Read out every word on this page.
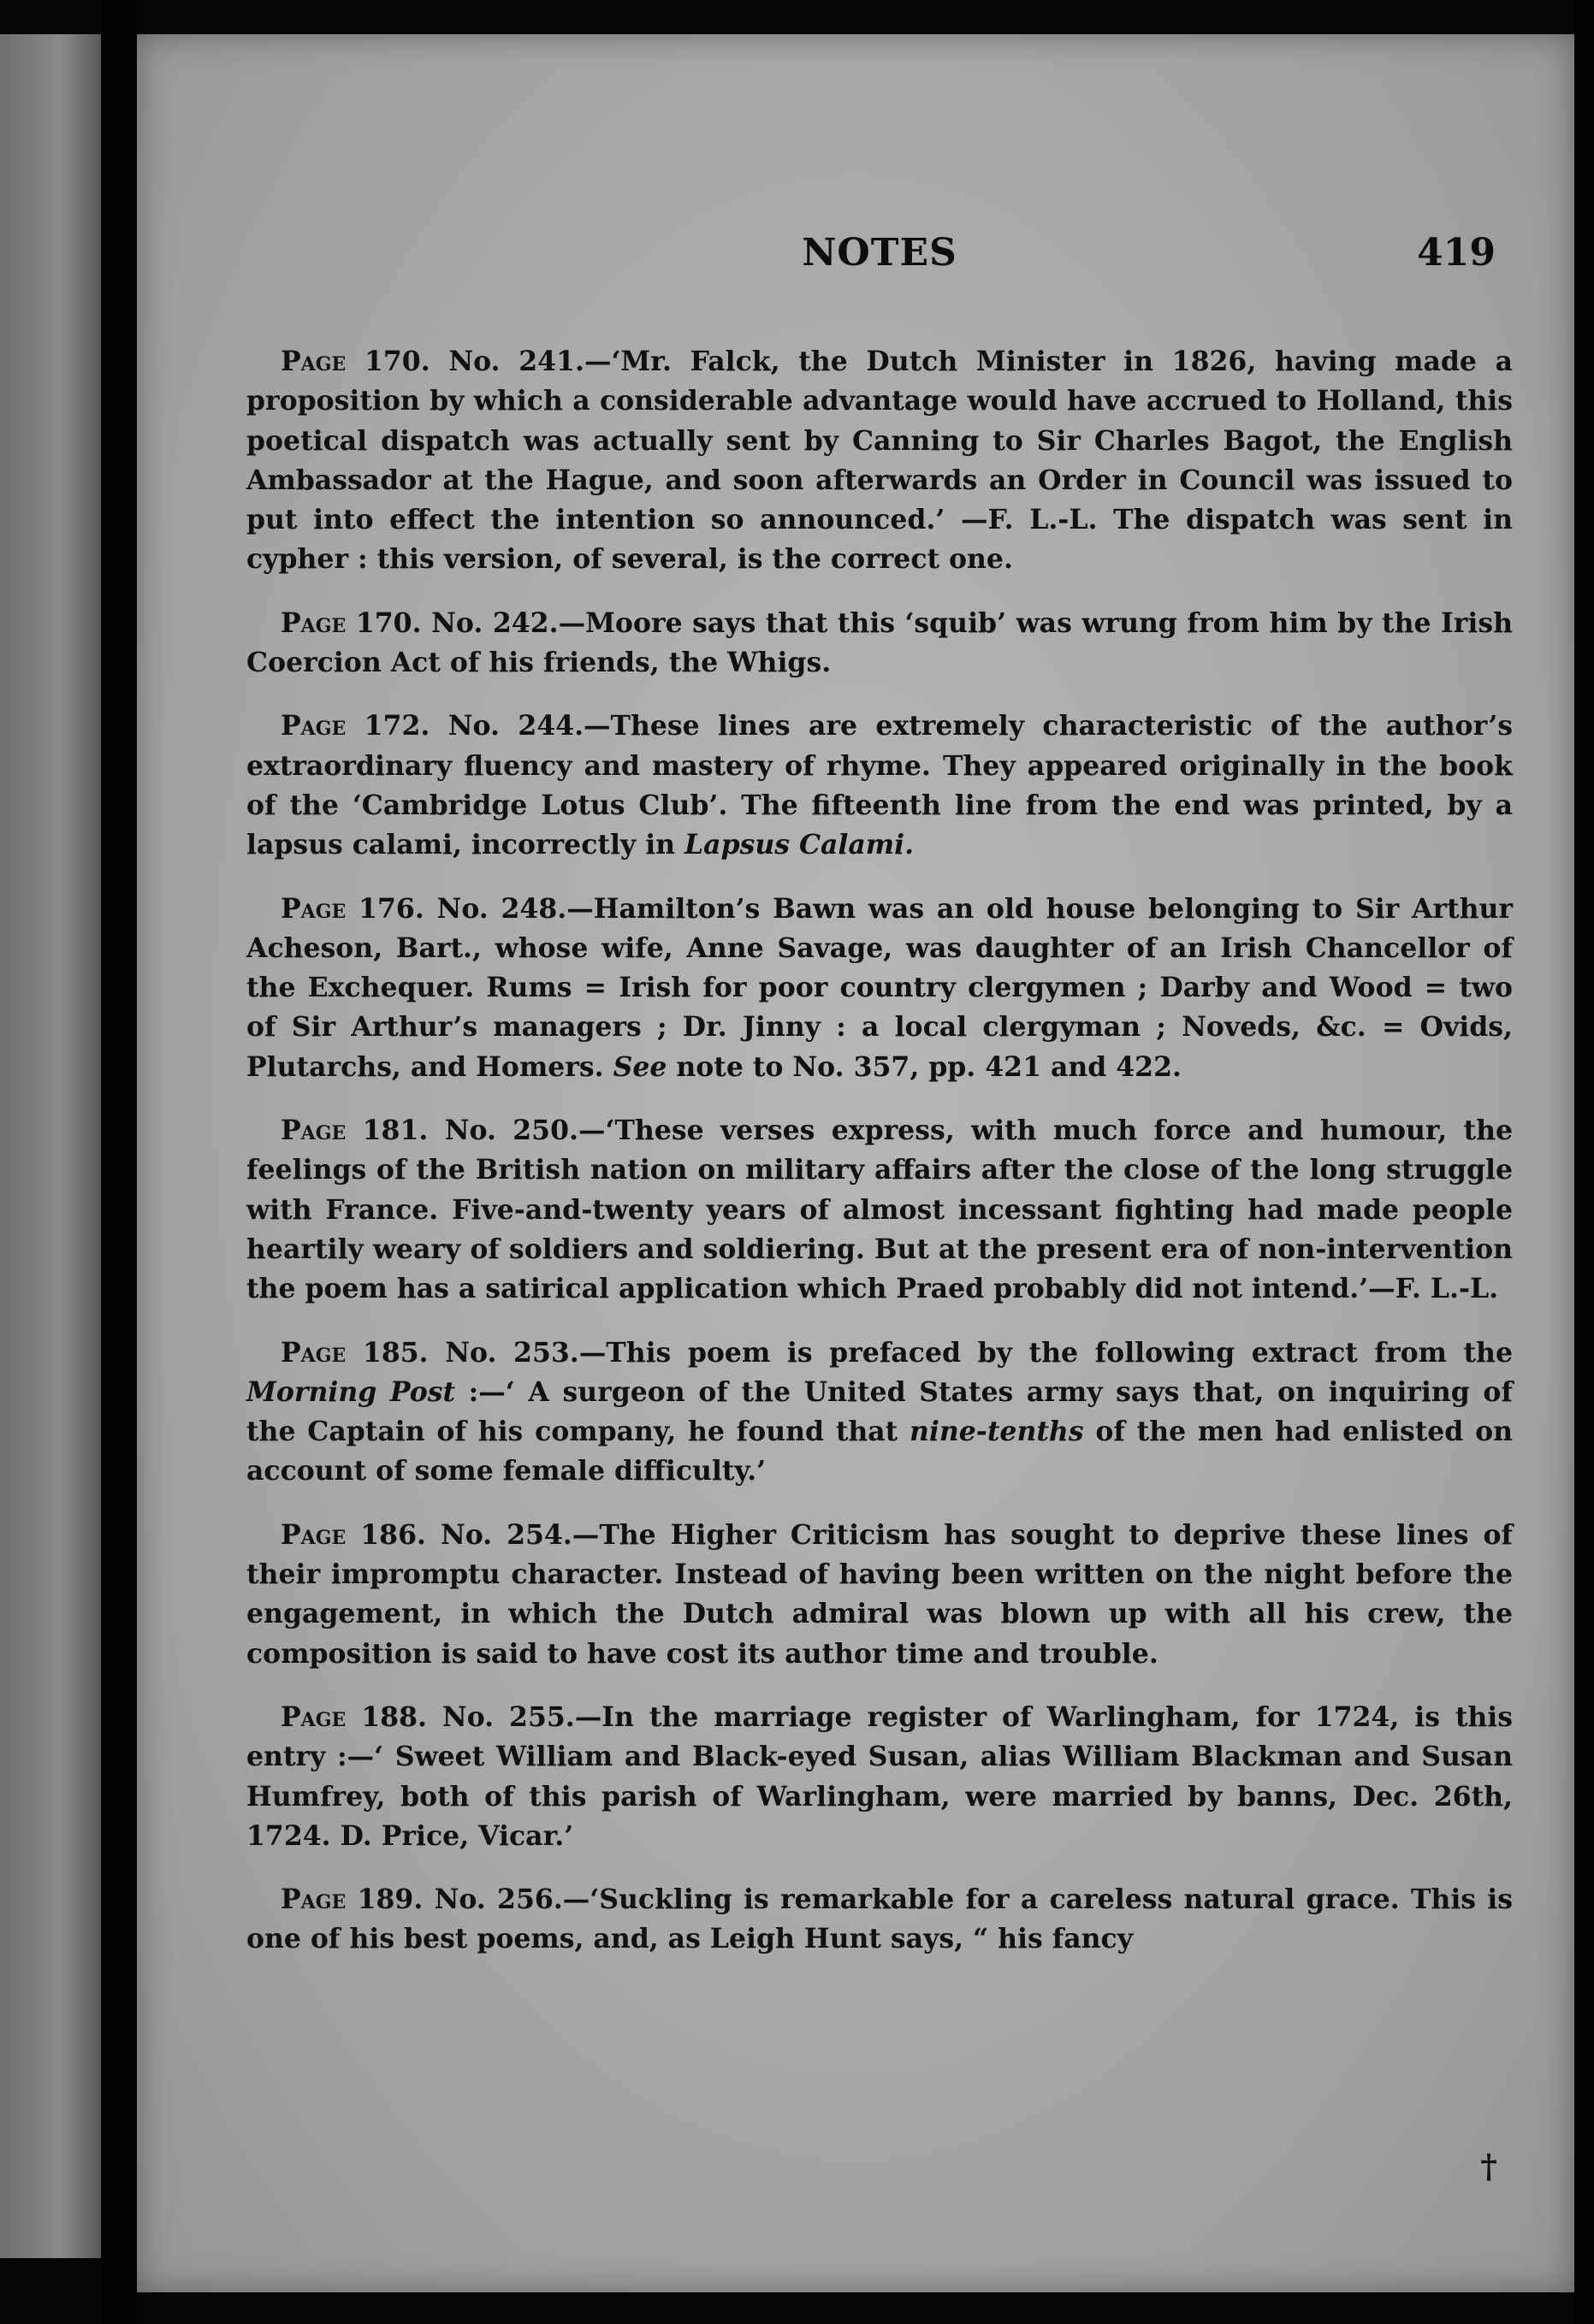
NOTES	419

Page 170. No. 241.—‘Mr. Falck, the Dutch Minister in 1826, having made a proposition by which a considerable advantage would have accrued to Holland, this poetical dispatch was actually sent by Canning to Sir Charles Bagot, the English Ambassador at the Hague, and soon afterwards an Order in Council was issued to put into effect the intention so announced.’ —F. L.-L. The dispatch was sent in cypher : this version, of several, is the correct one.

Page 170. No. 242.—Moore says that this ‘squib’ was wrung from him by the Irish Coercion Act of his friends, the Whigs.

Page 172. No. 244.—These lines are extremely characteristic of the author’s extraordinary fluency and mastery of rhyme. They appeared originally in the book of the ‘Cambridge Lotus Club’. The fifteenth line from the end was printed, by a lapsus calami, incorrectly in Lapsus Calami.

Page 176. No. 248.—Hamilton’s Bawn was an old house belonging to Sir Arthur Acheson, Bart., whose wife, Anne Savage, was daughter of an Irish Chancellor of the Exchequer. Rums = Irish for poor country clergymen ; Darby and Wood = two of Sir Arthur’s managers ; Dr. Jinny : a local clergyman ; Noveds, &c. = Ovids, Plutarchs, and Homers. See note to No. 357, pp. 421 and 422.

Page 181. No. 250.—‘These verses express, with much force and humour, the feelings of the British nation on military affairs after the close of the long struggle with France. Five-and-twenty years of almost incessant fighting had made people heartily weary of soldiers and soldiering. But at the present era of non-intervention the poem has a satirical application which Praed probably did not intend.’—F. L.-L.

Page 185. No. 253.—This poem is prefaced by the following extract from the Morning Post :—‘ A surgeon of the United States army says that, on inquiring of the Captain of his company, he found that nine-tenths of the men had enlisted on account of some female difficulty.’

Page 186. No. 254.—The Higher Criticism has sought to deprive these lines of their impromptu character. Instead of having been written on the night before the engagement, in which the Dutch admiral was blown up with all his crew, the composition is said to have cost its author time and trouble.

Page 188. No. 255.—In the marriage register of Warlingham, for 1724, is this entry :—‘ Sweet William and Black-eyed Susan, alias William Blackman and Susan Humfrey, both of this parish of Warlingham, were married by banns, Dec. 26th, 1724. D. Price, Vicar.’

Page 189. No. 256.—‘Suckling is remarkable for a careless natural grace. This is one of his best poems, and, as Leigh Hunt says, “ his fancy

†
